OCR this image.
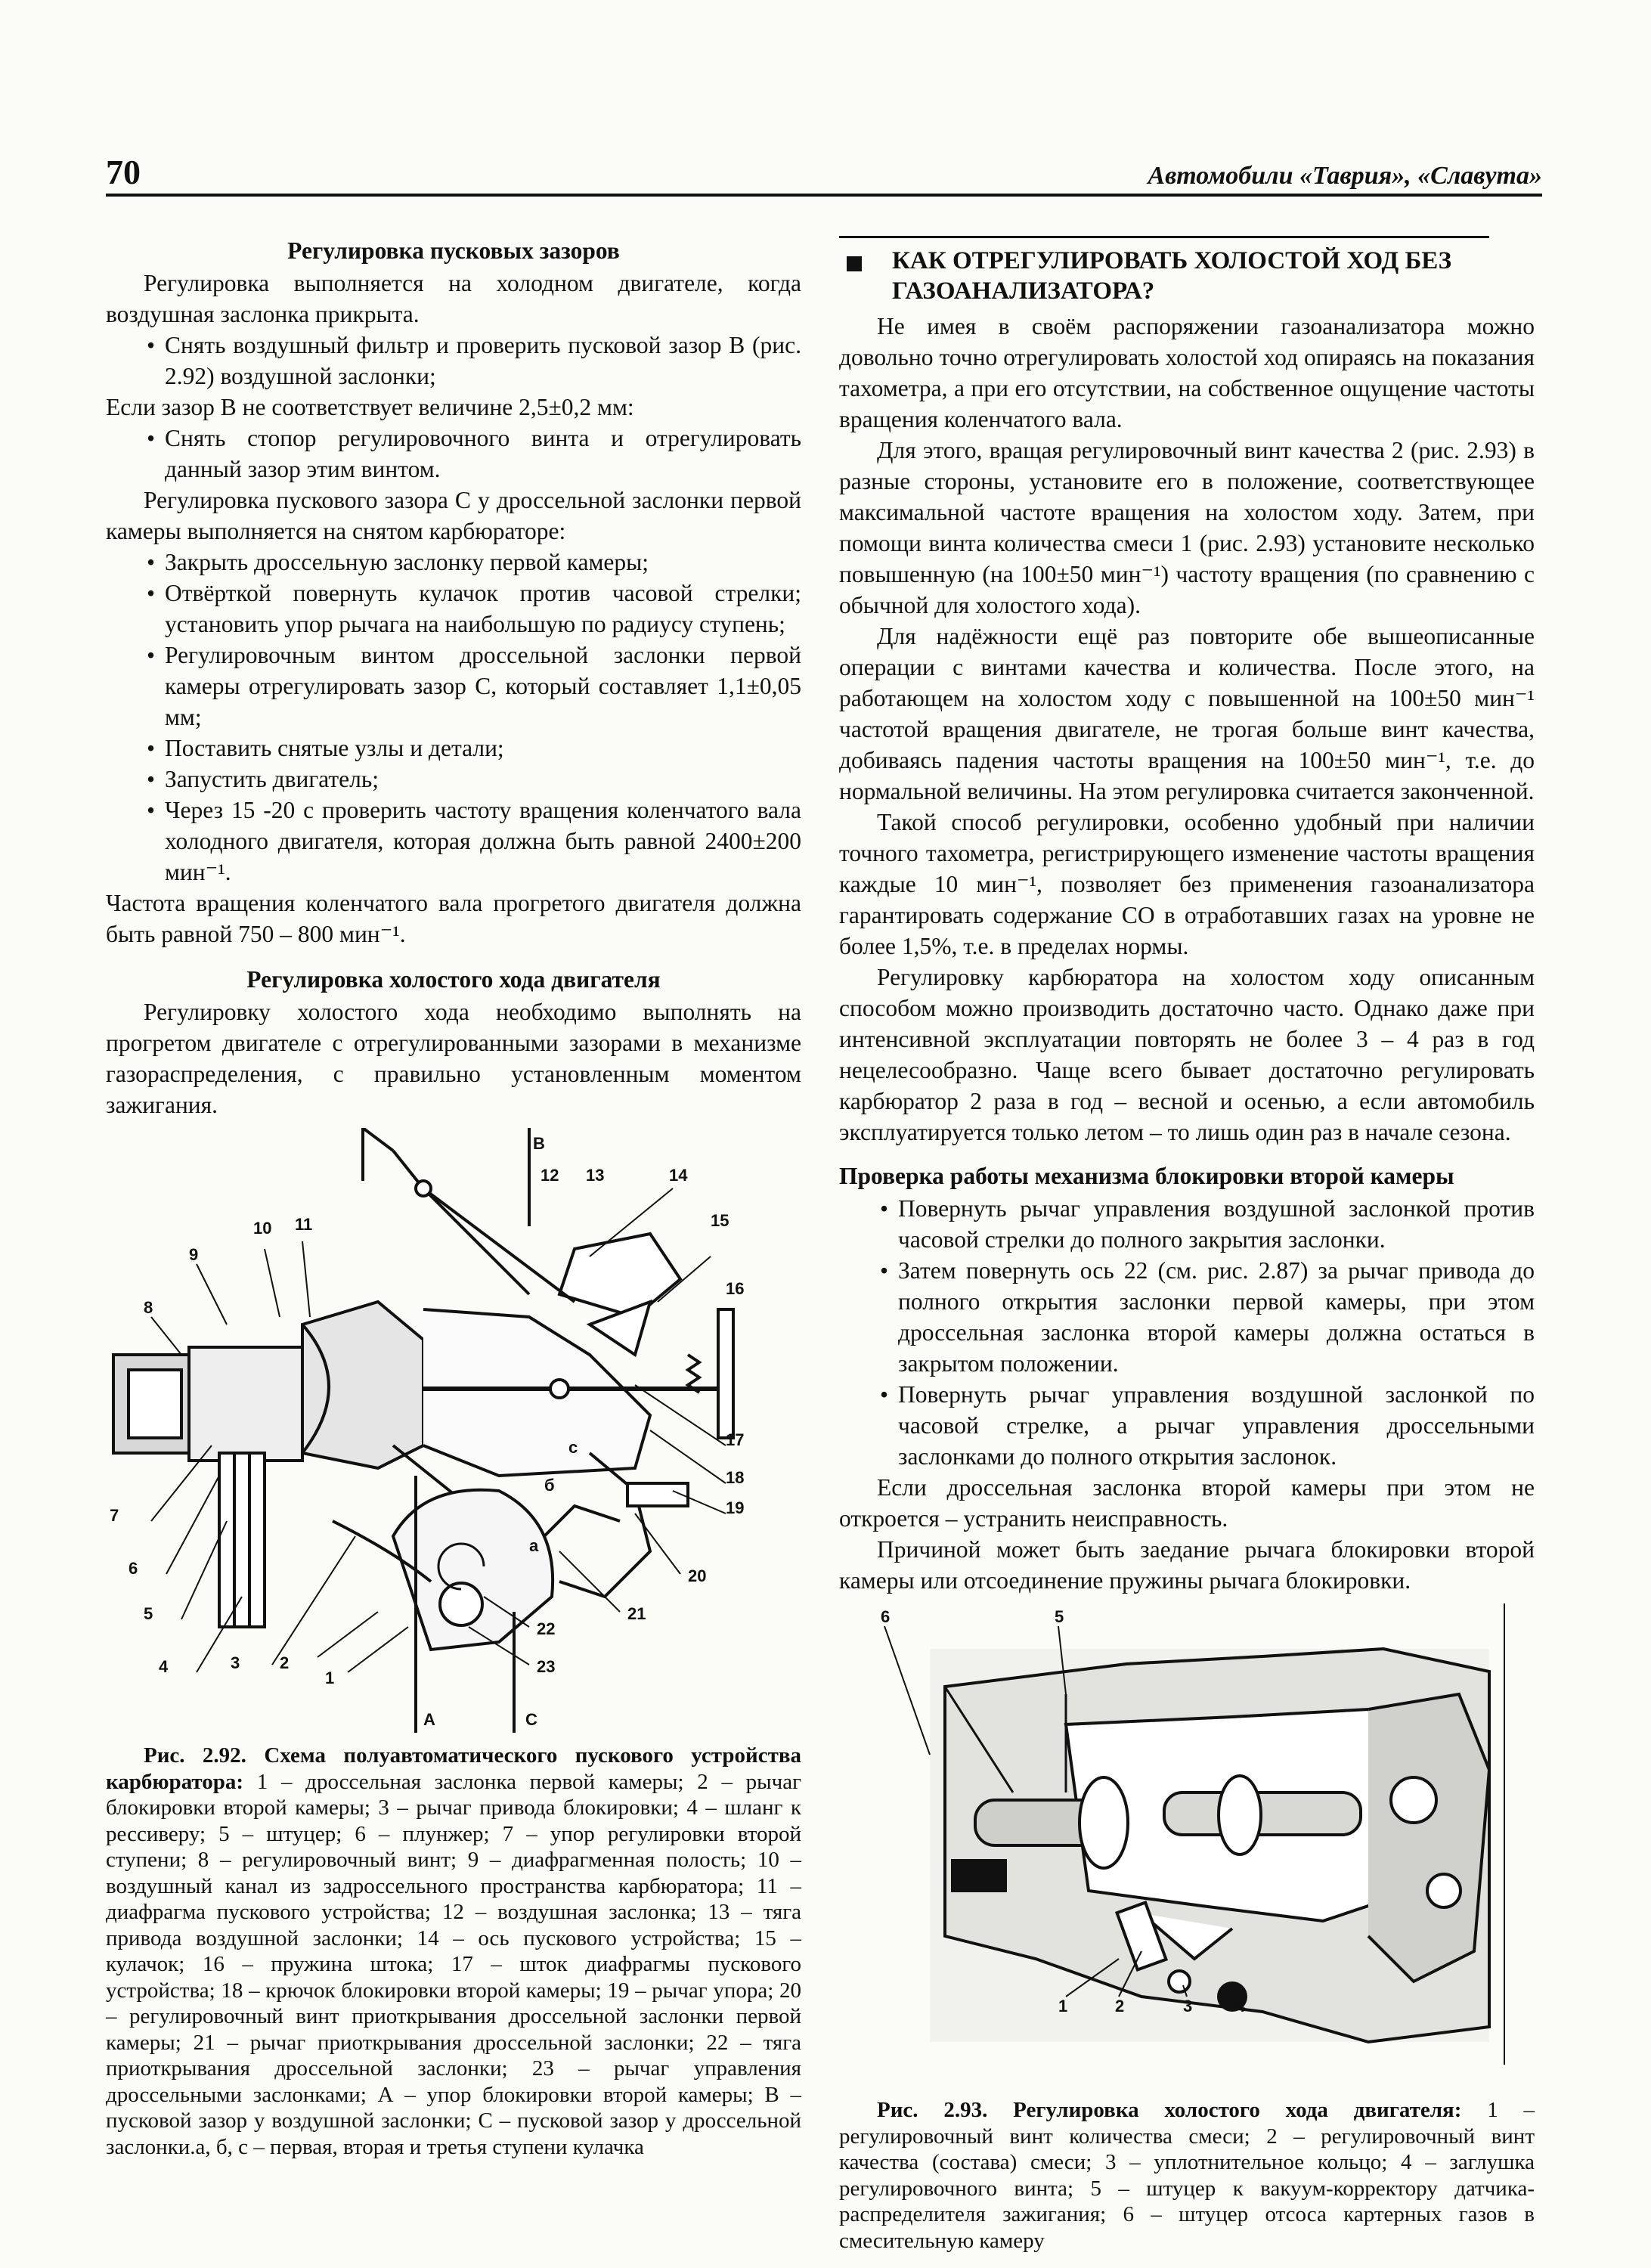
70	Автомобили «Таврия», «Славута»
Регулировка пусковых зазоров

Регулировка выполняется на холодном двигателе, когда воздушная заслонка прикрыта.

• Снять воздушный фильтр и проверить пусковой зазор В (рис. 2.92) воздушной заслонки;

Если зазор В не соответствует величине 2,5±0,2 мм:

• Снять стопор регулировочного винта и отрегулировать данный зазор этим винтом.

Регулировка пускового зазора С у дроссельной заслонки первой камеры выполняется на снятом карбюраторе:

• Закрыть дроссельную заслонку первой камеры;
• Отвёрткой повернуть кулачок против часовой стрелки; установить упор рычага на наибольшую по радиусу ступень;
• Регулировочным винтом дроссельной заслонки первой камеры отрегулировать зазор С, который составляет 1,1±0,05 мм;
• Поставить снятые узлы и детали;
• Запустить двигатель;
• Через 15 -20 с проверить частоту вращения коленчатого вала холодного двигателя, которая должна быть равной 2400±200 мин⁻¹.

Частота вращения коленчатого вала прогретого двигателя должна быть равной 750 – 800 мин⁻¹.

Регулировка холостого хода двигателя

Регулировку холостого хода необходимо выполнять на прогретом двигателе с отрегулированными зазорами в механизме газораспределения, с правильно установленным моментом зажигания.

B
A	C
12 13	14
15
16
17
18
19
20
21
22
23
10 11
9
8
7
6
5
4	3 2
1
с
б
а

Рис. 2.92. Схема полуавтоматического пускового устройства карбюратора: 1 – дроссельная заслонка первой камеры; 2 – рычаг блокировки второй камеры; 3 – рычаг привода блокировки; 4 – шланг к рессиверу; 5 – штуцер; 6 – плунжер; 7 – упор регулировки второй ступени; 8 – регулировочный винт; 9 – диафрагменная полость; 10 – воздушный канал из задроссельного пространства карбюратора; 11 – диафрагма пускового устройства; 12 – воздушная заслонка; 13 – тяга привода воздушной заслонки; 14 – ось пускового устройства; 15 – кулачок; 16 – пружина штока; 17 – шток диафрагмы пускового устройства; 18 – крючок блокировки второй камеры; 19 – рычаг упора; 20 – регулировочный винт приоткрывания дроссельной заслонки первой камеры; 21 – рычаг приоткрывания дроссельной заслонки; 22 – тяга приоткрывания дроссельной заслонки; 23 – рычаг управления дроссельными заслонками; А – упор блокировки второй камеры; В – пусковой зазор у воздушной заслонки; С – пусковой зазор у дроссельной заслонки.а, б, с – первая, вторая и третья ступени кулачка

КАК ОТРЕГУЛИРОВАТЬ ХОЛОСТОЙ ХОД БЕЗ ГАЗОАНАЛИЗАТОРА?

Не имея в своём распоряжении газоанализатора можно довольно точно отрегулировать холостой ход опираясь на показания тахометра, а при его отсутствии, на собственное ощущение частоты вращения коленчатого вала.

Для этого, вращая регулировочный винт качества 2 (рис. 2.93) в разные стороны, установите его в положение, соответствующее максимальной частоте вращения на холостом ходу. Затем, при помощи винта количества смеси 1 (рис. 2.93) установите несколько повышенную (на 100±50 мин⁻¹) частоту вращения (по сравнению с обычной для холостого хода).

Для надёжности ещё раз повторите обе вышеописанные операции с винтами качества и количества. После этого, на работающем на холостом ходу с повышенной на 100±50 мин⁻¹ частотой вращения двигателе, не трогая больше винт качества, добиваясь падения частоты вращения на 100±50 мин⁻¹, т.е. до нормальной величины. На этом регулировка считается законченной.

Такой способ регулировки, особенно удобный при наличии точного тахометра, регистрирующего изменение частоты вращения каждые 10 мин⁻¹, позволяет без применения газоанализатора гарантировать содержание СО в отработавших газах на уровне не более 1,5%, т.е. в пределах нормы.

Регулировку карбюратора на холостом ходу описанным способом можно производить достаточно часто. Однако даже при интенсивной эксплуатации повторять не более 3 – 4 раз в год нецелесообразно. Чаще всего бывает достаточно регулировать карбюратор 2 раза в год – весной и осенью, а если автомобиль эксплуатируется только летом – то лишь один раз в начале сезона.

Проверка работы механизма блокировки второй камеры
• Повернуть рычаг управления воздушной заслонкой против часовой стрелки до полного закрытия заслонки.
• Затем повернуть ось 22 (см. рис. 2.87) за рычаг привода до полного открытия заслонки первой камеры, при этом дроссельная заслонка второй камеры должна остаться в закрытом положении.
• Повернуть рычаг управления воздушной заслонкой по часовой стрелке, а рычаг управления дроссельными заслонками до полного открытия заслонок.

Если дроссельная заслонка второй камеры при этом не откроется – устранить неисправность.

Причиной может быть заедание рычага блокировки второй камеры или отсоединение пружины рычага блокировки.

6	5
1	2	3	4

Рис. 2.93. Регулировка холостого хода двигателя: 1 – регулировочный винт количества смеси; 2 – регулировочный винт качества (состава) смеси; 3 – уплотнительное кольцо; 4 – заглушка регулировочного винта; 5 – штуцер к вакуум-корректору датчика-распределителя зажигания; 6 – штуцер отсоса картерных газов в смесительную камеру
